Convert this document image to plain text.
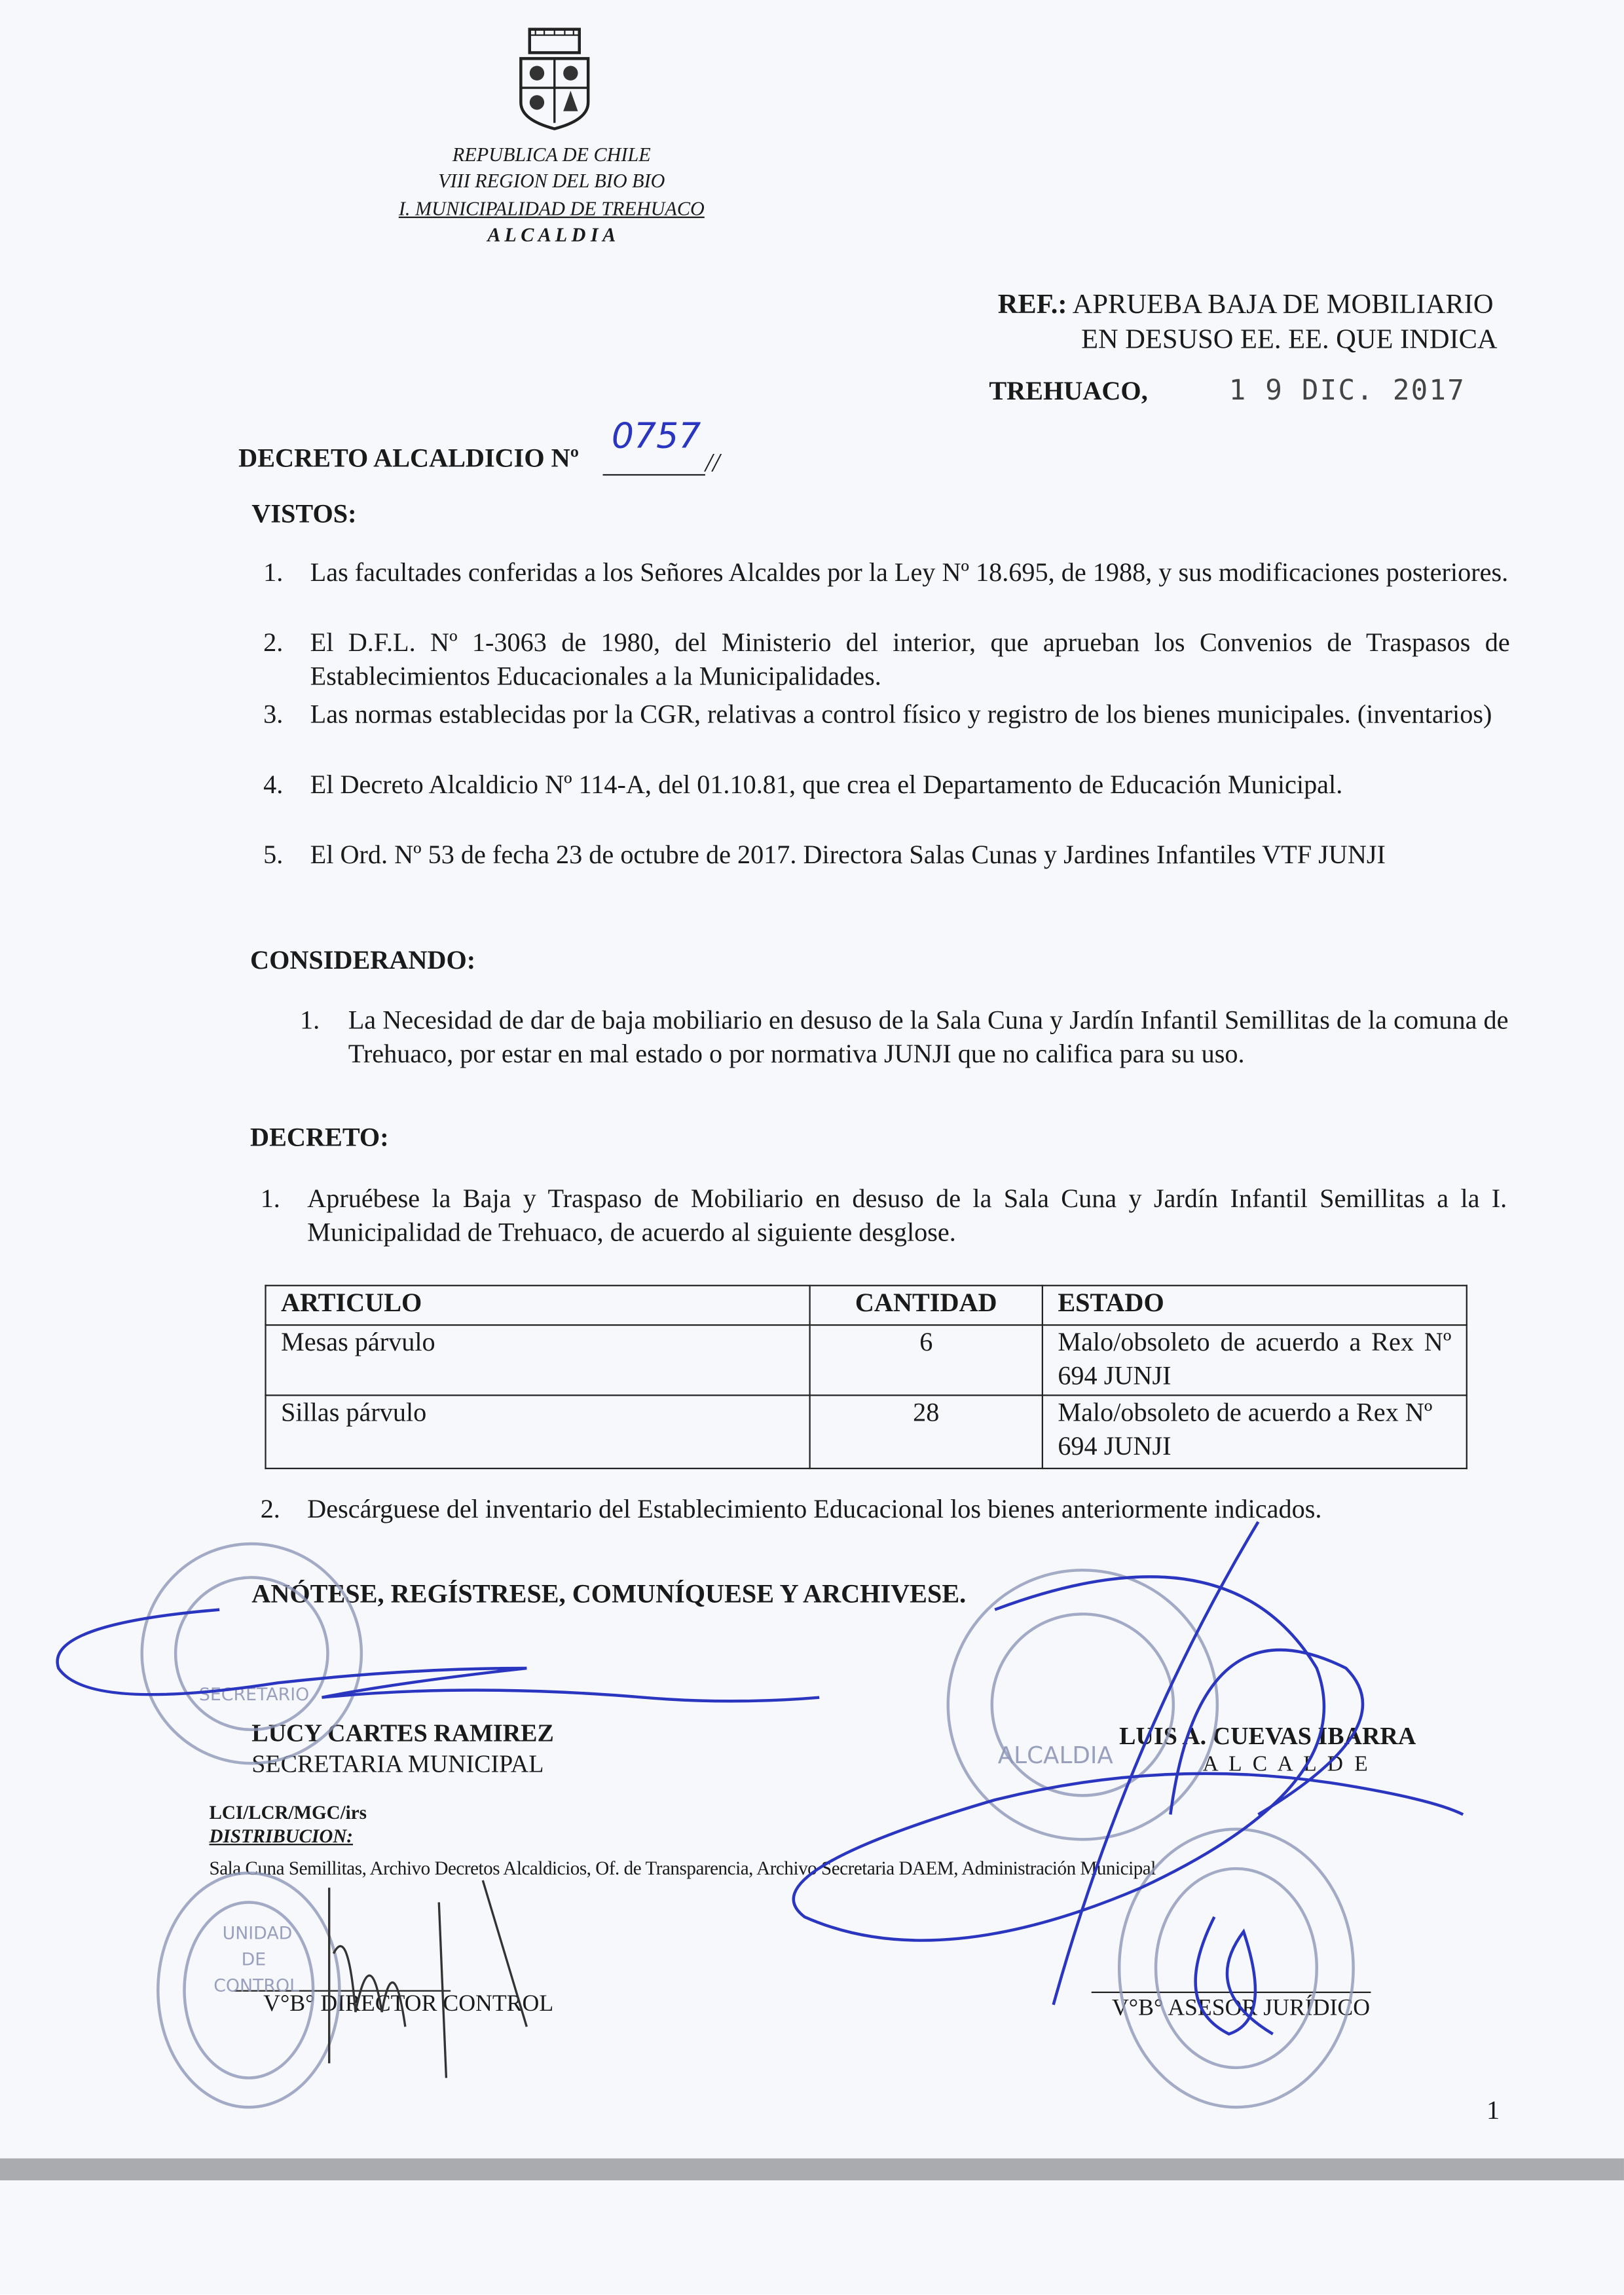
REPUBLICA DE CHILE
VIII REGION DEL BIO BIO
I. MUNICIPALIDAD DE TREHUACO
A L C A L D I A
REF.: APRUEBA BAJA DE MOBILIARIO
EN DESUSO EE. EE. QUE INDICA
TREHUACO,	1 9 DIC. 2017
DECRETO ALCALDICIO Nº
0757
//
VISTOS:
1. Las facultades conferidas a los Señores Alcaldes por la Ley Nº 18.695, de 1988, y sus modificaciones posteriores.
2. El D.F.L. Nº 1-3063 de 1980, del Ministerio del interior, que aprueban los Convenios de Traspasos de Establecimientos Educacionales a la Municipalidades.
3. Las normas establecidas por la CGR, relativas a control físico y registro de los bienes municipales. (inventarios)
4. El Decreto Alcaldicio Nº 114-A, del 01.10.81, que crea el Departamento de Educación Municipal.
5. El Ord. Nº 53 de fecha 23 de octubre de 2017. Directora Salas Cunas y Jardines Infantiles VTF JUNJI
CONSIDERANDO:
1. La Necesidad de dar de baja mobiliario en desuso de la Sala Cuna y Jardín Infantil Semillitas de la comuna de Trehuaco, por estar en mal estado o por normativa JUNJI que no califica para su uso.
DECRETO:
1. Apruébese la Baja y Traspaso de Mobiliario en desuso de la Sala Cuna y Jardín Infantil Semillitas a la I. Municipalidad de Trehuaco, de acuerdo al siguiente desglose.
2. Descárguese del inventario del Establecimiento Educacional los bienes anteriormente indicados.
ARTICULO	CANTIDAD	ESTADO
Mesas párvulo	6	Malo/obsoleto de acuerdo a Rex Nº 694 JUNJI
Sillas párvulo	28	Malo/obsoleto de acuerdo a Rex Nº 694 JUNJI
ANÓTESE, REGÍSTRESE, COMUNÍQUESE Y ARCHIVESE.
LUCY CARTES RAMIREZ
SECRETARIA MUNICIPAL
LUIS A. CUEVAS IBARRA
A L C A L D E
LCI/LCR/MGC/irs
DISTRIBUCION:
Sala Cuna Semillitas, Archivo Decretos Alcaldicios, Of. de Transparencia, Archivo Secretaria DAEM, Administración Municipal
V°B° DIRECTOR CONTROL	V°B° ASESOR JURÍDICO
1
SECRETARIO
UNIDAD
DE
CONTROL
ALCALDIA
